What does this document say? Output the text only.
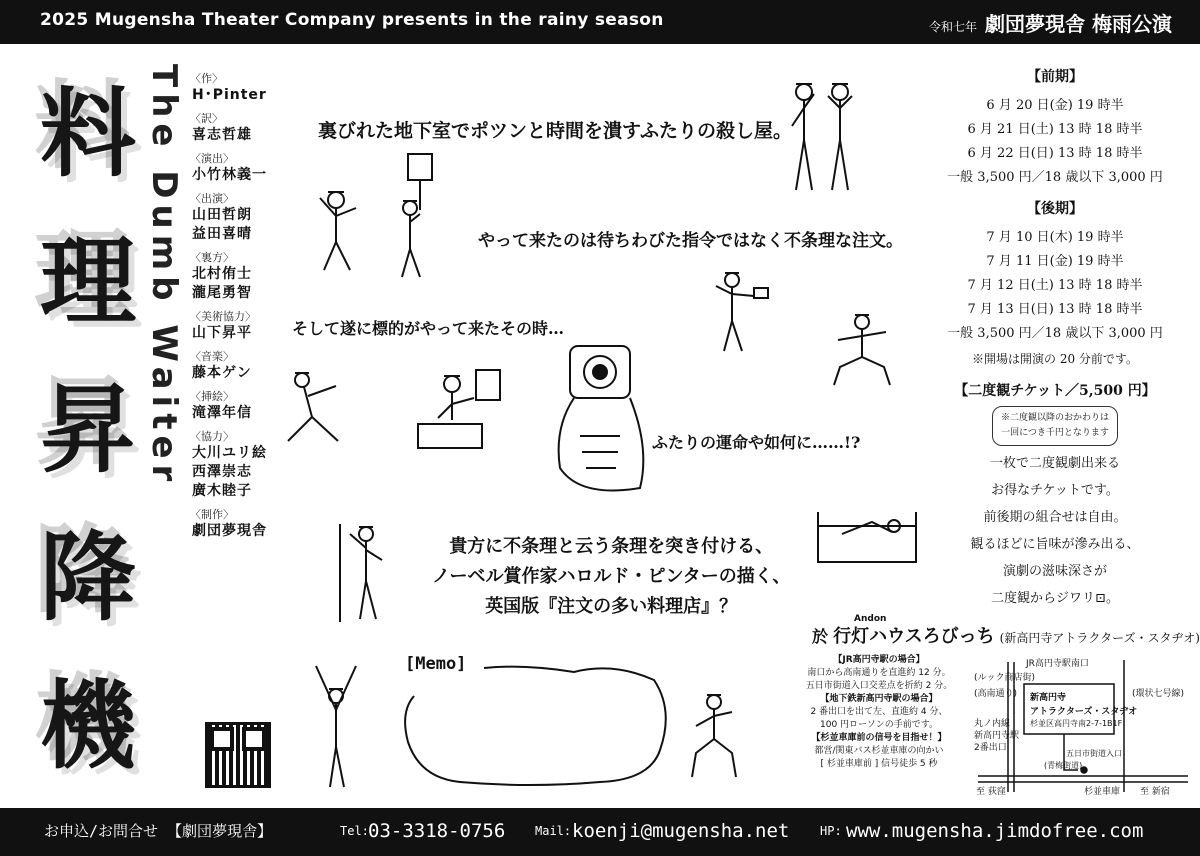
2025 Mugensha Theater Company presents in the rainy season	令和七年 劇団夢現舎 梅雨公演
料
理
昇
降
機
The Dumb Waiter 〈作〉
H･Pinter
〈訳〉
喜志哲雄
〈演出〉
小竹林義一
〈出演〉
山田哲朗
益田喜晴
〈裏方〉
北村侑士
瀧尾勇智
〈美術協力〉
山下昇平
〈音楽〉
藤本ゲン
〈挿絵〉
滝澤年信
〈協力〉
大川ユリ絵
西澤崇志
廣木睦子
〈制作〉
劇団夢現舎
裏びれた地下室でポツンと時間を潰すふたりの殺し屋。
やって来たのは待ちわびた指令ではなく不条理な注文。
そして遂に標的がやって来たその時…
ふたりの運命や如何に……!?
貴方に不条理と云う条理を突き付ける、
ノーベル賞作家ハロルド・ピンターの描く、
英国版『注文の多い料理店』？
[Memo]
【前期】
6 月 20 日(金) 19 時半
6 月 21 日(土) 13 時 18 時半
6 月 22 日(日) 13 時 18 時半
一般 3,500 円／18 歳以下 3,000 円
【後期】
7 月 10 日(木) 19 時半
7 月 11 日(金) 19 時半
7 月 12 日(土) 13 時 18 時半
7 月 13 日(日) 13 時 18 時半
一般 3,500 円／18 歳以下 3,000 円
※開場は開演の 20 分前です。
【二度観チケット／5,500 円】
※二度観以降のおかわりは
一回につき千円となります
一枚で二度観劇出来る
お得なチケットです。
前後期の組合せは自由。
観るほどに旨味が滲み出る、
演劇の滋味深さが
二度観からジワリ⊡。
Andon
於 行灯ハウスろびっち (新高円寺アトラクターズ・スタヂオ)
【JR高円寺駅の場合】
南口から高南通りを直進約 12 分。
五日市街道入口交差点を折約 2 分。
【地下鉄新高円寺駅の場合】
2 番出口を出て左、直進約 4 分、
100 円ローソンの手前です。
【杉並車庫前の信号を目指せ！】
都営/関東バス杉並車庫の向かい
[ 杉並車庫前 ] 信号徒歩 5 秒
JR高円寺駅南口
新高円寺
アトラクターズ・スタヂオ
杉並区高円寺南2-7-1B1F
丸ノ内線
新高円寺駅
2番出口
五日市街道入口
(青梅街道)
杉並車庫
至 荻窪	至 新宿
(環状七号線)
(高南通り)
(ルック商店街)
お申込/お問合せ 【劇団夢現舎】	Tel: 03-3318-0756 Mail: koenji@mugensha.net	HP: www.mugensha.jimdofree.com
